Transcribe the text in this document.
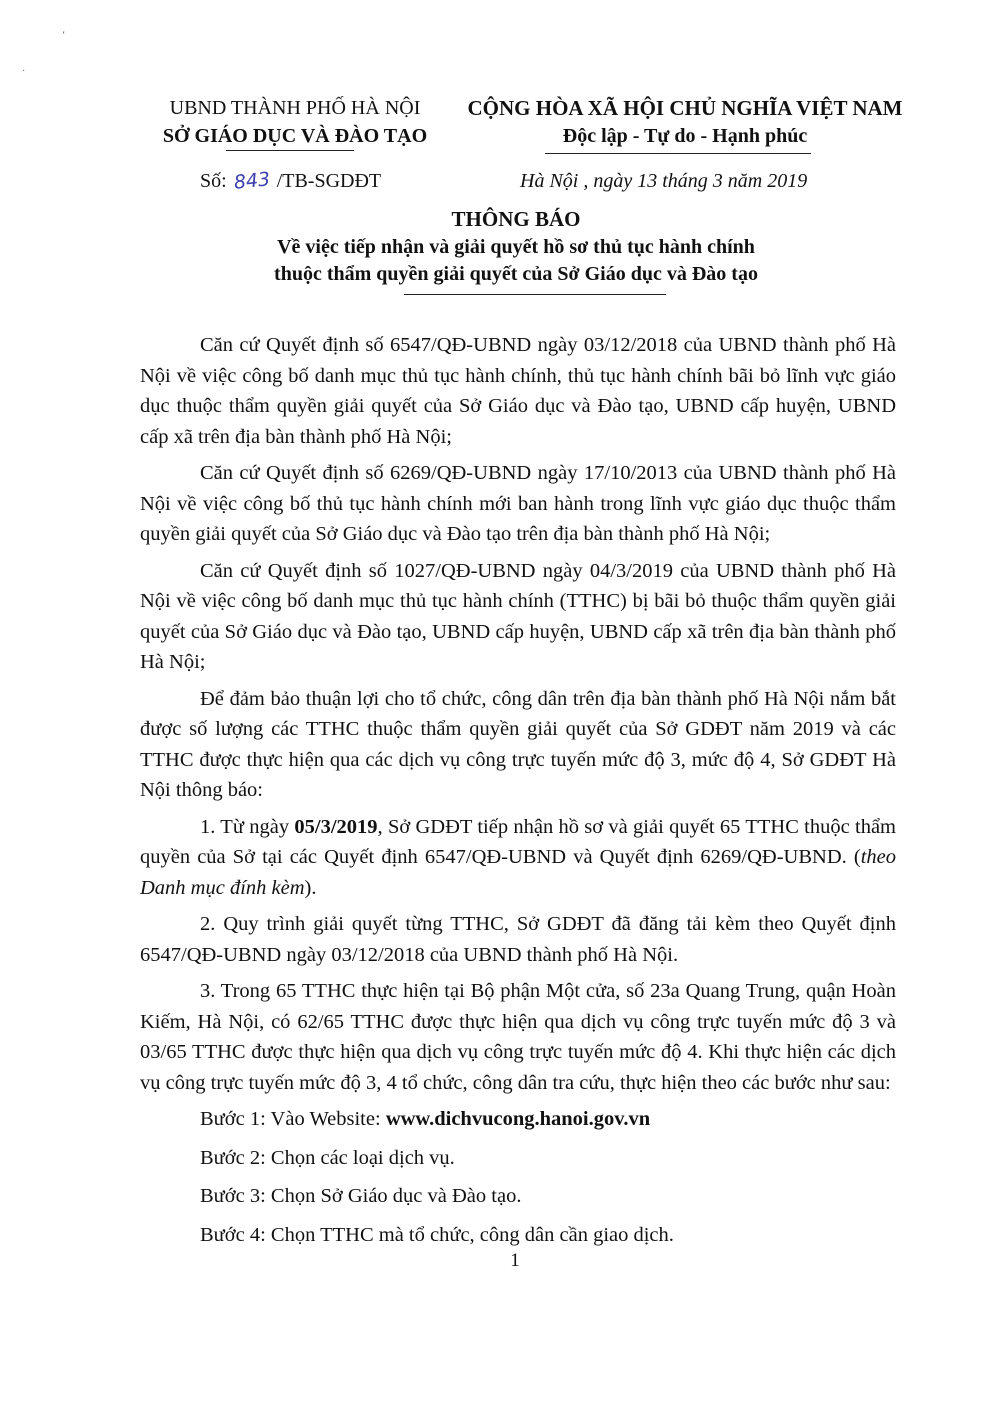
ʻ
·
UBND THÀNH PHỐ HÀ NỘI
SỞ GIÁO DỤC VÀ ĐÀO TẠO
CỘNG HÒA XÃ HỘI CHỦ NGHĨA VIỆT NAM
Độc lập - Tự do - Hạnh phúc
Số: 843 /TB-SGDĐT	Hà Nội , ngày 13 tháng 3 năm 2019
THÔNG BÁO
Về việc tiếp nhận và giải quyết hồ sơ thủ tục hành chính
thuộc thẩm quyền giải quyết của Sở Giáo dục và Đào tạo

Căn cứ Quyết định số 6547/QĐ-UBND ngày 03/12/2018 của UBND thành phố Hà Nội về việc công bố danh mục thủ tục hành chính, thủ tục hành chính bãi bỏ lĩnh vực giáo dục thuộc thẩm quyền giải quyết của Sở Giáo dục và Đào tạo, UBND cấp huyện, UBND cấp xã trên địa bàn thành phố Hà Nội;

Căn cứ Quyết định số 6269/QĐ-UBND ngày 17/10/2013 của UBND thành phố Hà Nội về việc công bố thủ tục hành chính mới ban hành trong lĩnh vực giáo dục thuộc thẩm quyền giải quyết của Sở Giáo dục và Đào tạo trên địa bàn thành phố Hà Nội;

Căn cứ Quyết định số 1027/QĐ-UBND ngày 04/3/2019 của UBND thành phố Hà Nội về việc công bố danh mục thủ tục hành chính (TTHC) bị bãi bỏ thuộc thẩm quyền giải quyết của Sở Giáo dục và Đào tạo, UBND cấp huyện, UBND cấp xã trên địa bàn thành phố Hà Nội;

Để đảm bảo thuận lợi cho tổ chức, công dân trên địa bàn thành phố Hà Nội nắm bắt được số lượng các TTHC thuộc thẩm quyền giải quyết của Sở GDĐT năm 2019 và các TTHC được thực hiện qua các dịch vụ công trực tuyến mức độ 3, mức độ 4, Sở GDĐT Hà Nội thông báo:

1. Từ ngày 05/3/2019, Sở GDĐT tiếp nhận hồ sơ và giải quyết 65 TTHC thuộc thẩm quyền của Sở tại các Quyết định 6547/QĐ-UBND và Quyết định 6269/QĐ-UBND. (theo Danh mục đính kèm).

2. Quy trình giải quyết từng TTHC, Sở GDĐT đã đăng tải kèm theo Quyết định 6547/QĐ-UBND ngày 03/12/2018 của UBND thành phố Hà Nội.

3. Trong 65 TTHC thực hiện tại Bộ phận Một cửa, số 23a Quang Trung, quận Hoàn Kiếm, Hà Nội, có 62/65 TTHC được thực hiện qua dịch vụ công trực tuyến mức độ 3 và 03/65 TTHC được thực hiện qua dịch vụ công trực tuyến mức độ 4. Khi thực hiện các dịch vụ công trực tuyến mức độ 3, 4 tổ chức, công dân tra cứu, thực hiện theo các bước như sau:

Bước 1: Vào Website: www.dichvucong.hanoi.gov.vn

Bước 2: Chọn các loại dịch vụ.

Bước 3: Chọn Sở Giáo dục và Đào tạo.

Bước 4: Chọn TTHC mà tổ chức, công dân cần giao dịch.

1
